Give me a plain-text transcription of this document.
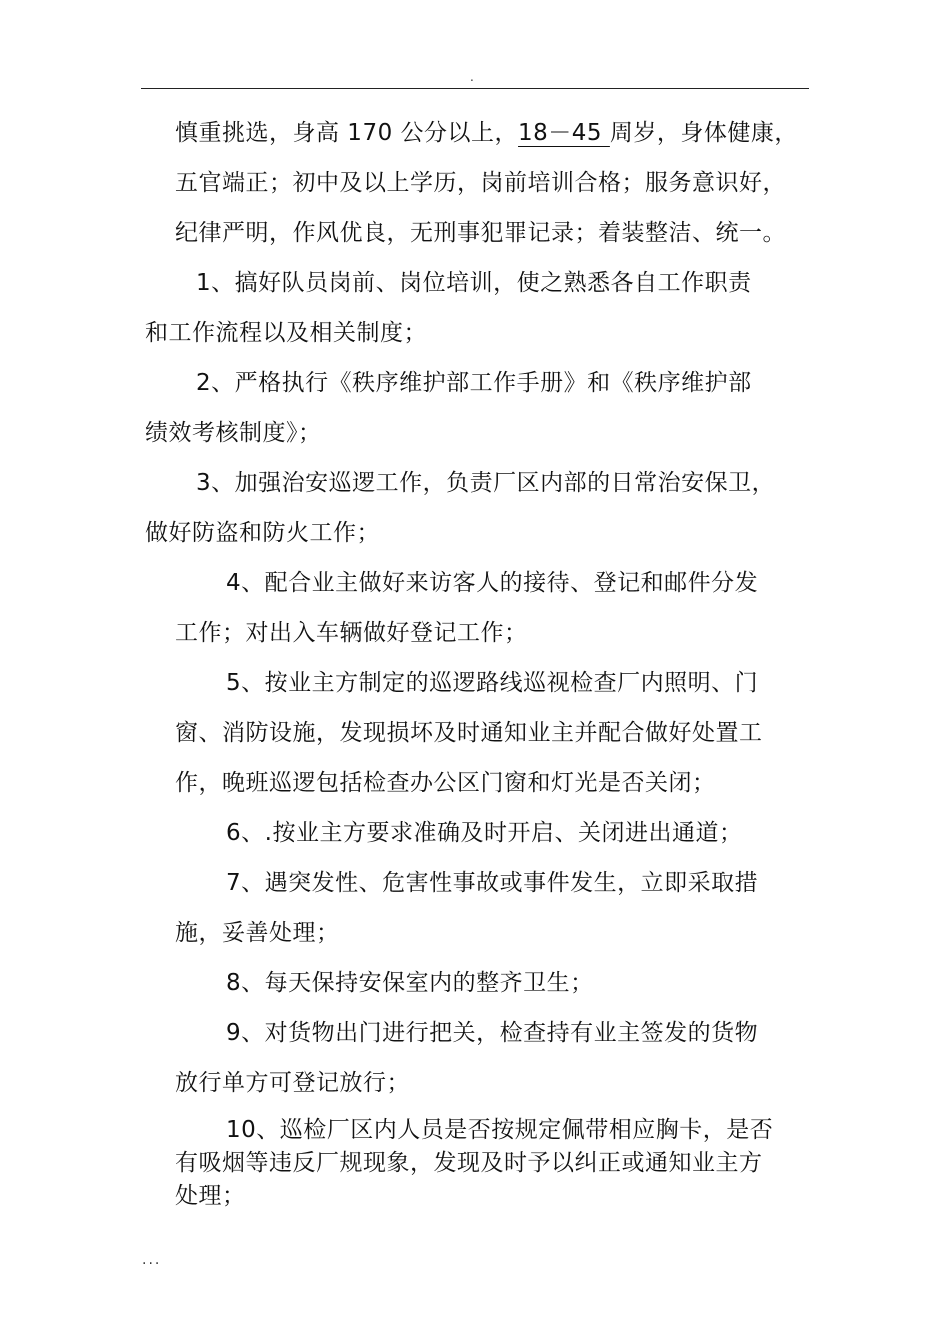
.
慎重挑选，身高 170 公分以上，18－45 周岁，身体健康，
五官端正；初中及以上学历，岗前培训合格；服务意识好，
纪律严明，作风优良，无刑事犯罪记录；着装整洁、统一。
1、搞好队员岗前、岗位培训，使之熟悉各自工作职责
和工作流程以及相关制度；
2、严格执行《秩序维护部工作手册》和《秩序维护部
绩效考核制度》；
3、加强治安巡逻工作，负责厂区内部的日常治安保卫，
做好防盗和防火工作；
4、配合业主做好来访客人的接待、登记和邮件分发
工作；对出入车辆做好登记工作；
5、按业主方制定的巡逻路线巡视检查厂内照明、门
窗、消防设施，发现损坏及时通知业主并配合做好处置工
作，晚班巡逻包括检查办公区门窗和灯光是否关闭；
6、.按业主方要求准确及时开启、关闭进出通道；
7、遇突发性、危害性事故或事件发生，立即采取措
施，妥善处理；
8、每天保持安保室内的整齐卫生；
9、对货物出门进行把关，检查持有业主签发的货物
放行单方可登记放行；
10、巡检厂区内人员是否按规定佩带相应胸卡，是否
有吸烟等违反厂规现象，发现及时予以纠正或通知业主方
处理；
...
